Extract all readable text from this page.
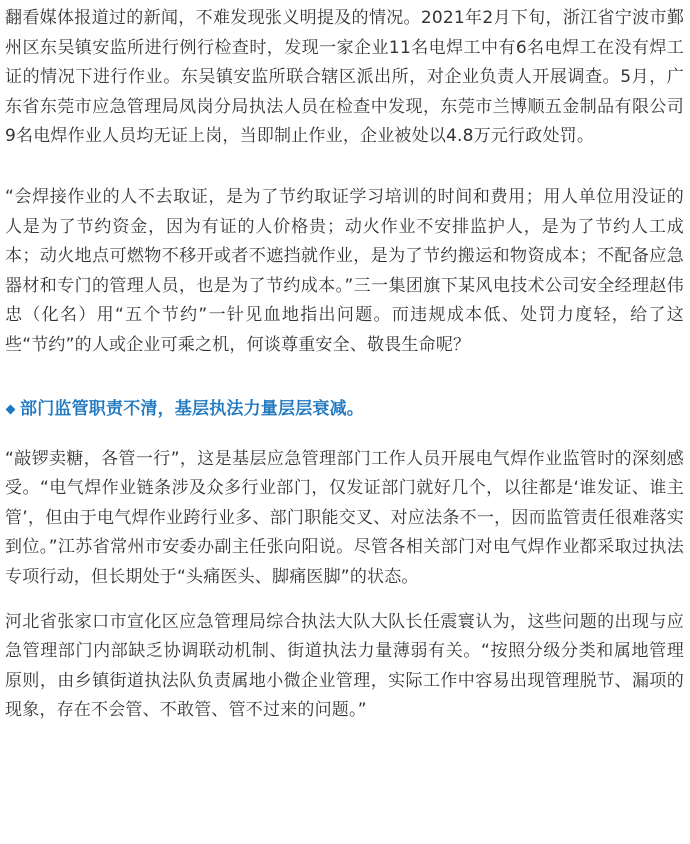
翻看媒体报道过的新闻，不难发现张义明提及的情况。2021年2月下旬，浙江省宁波市鄞州区东吴镇安监所进行例行检查时，发现一家企业11名电焊工中有6名电焊工在没有焊工证的情况下进行作业。东吴镇安监所联合辖区派出所，对企业负责人开展调查。5月，广东省东莞市应急管理局凤岗分局执法人员在检查中发现，东莞市兰博顺五金制品有限公司9名电焊作业人员均无证上岗，当即制止作业，企业被处以4.8万元行政处罚。

“会焊接作业的人不去取证，是为了节约取证学习培训的时间和费用；用人单位用没证的人是为了节约资金，因为有证的人价格贵；动火作业不安排监护人，是为了节约人工成本；动火地点可燃物不移开或者不遮挡就作业，是为了节约搬运和物资成本；不配备应急器材和专门的管理人员，也是为了节约成本。”三一集团旗下某风电技术公司安全经理赵伟忠（化名）用“五个节约”一针见血地指出问题。而违规成本低、处罚力度轻，给了这些“节约”的人或企业可乘之机，何谈尊重安全、敬畏生命呢？

部门监管职责不清，基层执法力量层层衰减。

“敲锣卖糖，各管一行”，这是基层应急管理部门工作人员开展电气焊作业监管时的深刻感受。“电气焊作业链条涉及众多行业部门，仅发证部门就好几个，以往都是‘谁发证、谁主管’，但由于电气焊作业跨行业多、部门职能交叉、对应法条不一，因而监管责任很难落实到位。”江苏省常州市安委办副主任张向阳说。尽管各相关部门对电气焊作业都采取过执法专项行动，但长期处于“头痛医头、脚痛医脚”的状态。

河北省张家口市宣化区应急管理局综合执法大队大队长任震寰认为，这些问题的出现与应急管理部门内部缺乏协调联动机制、街道执法力量薄弱有关。“按照分级分类和属地管理原则，由乡镇街道执法队负责属地小微企业管理，实际工作中容易出现管理脱节、漏项的现象，存在不会管、不敢管、管不过来的问题。”
